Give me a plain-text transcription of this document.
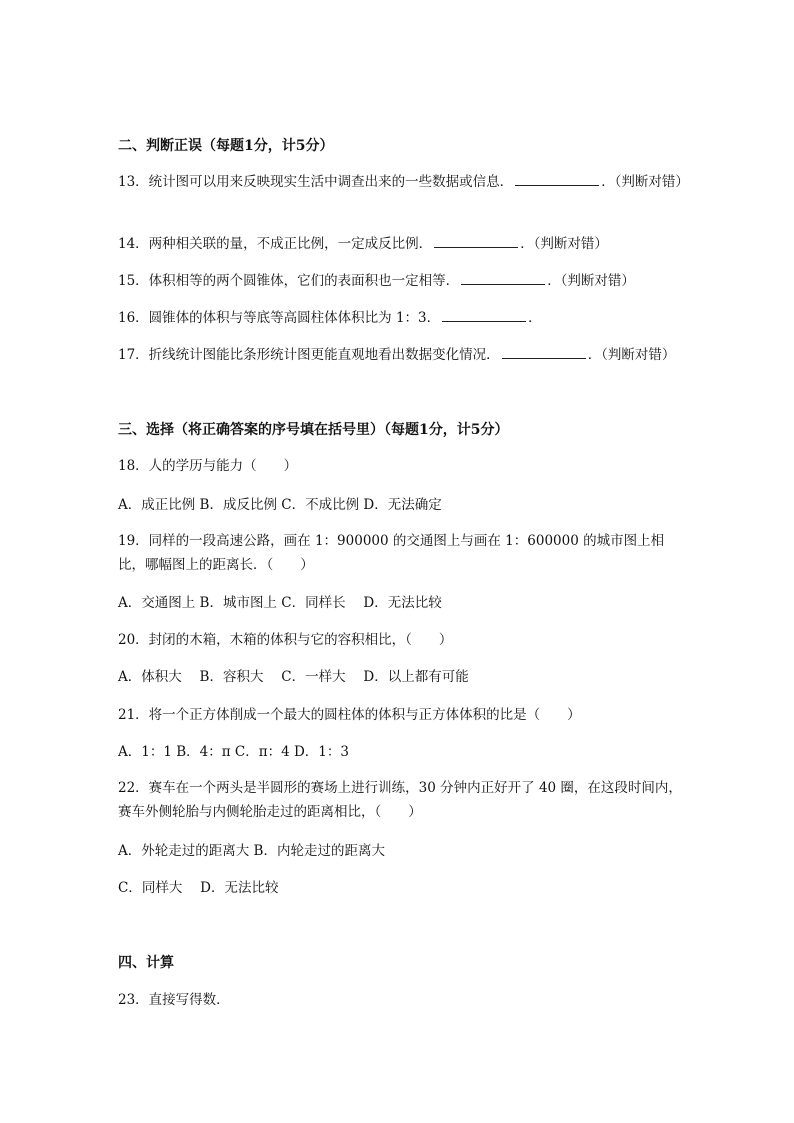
二、判断正误（每题1分，计5分）
13．统计图可以用来反映现实生活中调查出来的一些数据或信息．	．（判断对错）
14．两种相关联的量，不成正比例，一定成反比例．	．（判断对错）
15．体积相等的两个圆锥体，它们的表面积也一定相等．	．（判断对错）
16．圆锥体的体积与等底等高圆柱体体积比为 1：3．	．
17．折线统计图能比条形统计图更能直观地看出数据变化情况．	．（判断对错）
三、选择（将正确答案的序号填在括号里）（每题1分，计5分）
18．人的学历与能力（　　）
A．成正比例 B．成反比例 C．不成比例 D．无法确定
19．同样的一段高速公路，画在 1：900000 的交通图上与画在 1：600000 的城市图上相比，哪幅图上的距离长．（　　）
A．交通图上 B．城市图上 C．同样长　 D．无法比较
20．封闭的木箱，木箱的体积与它的容积相比，（　　）
A．体积大　 B．容积大　 C．一样大　 D．以上都有可能
21．将一个正方体削成一个最大的圆柱体的体积与正方体体积的比是（　　）
A．1：1 B．4：π C．π：4 D．1：3
22．赛车在一个两头是半圆形的赛场上进行训练，30 分钟内正好开了 40 圈，在这段时间内，赛车外侧轮胎与内侧轮胎走过的距离相比，（　　）
A．外轮走过的距离大 B．内轮走过的距离大
C．同样大　 D．无法比较
四、计算
23．直接写得数．
